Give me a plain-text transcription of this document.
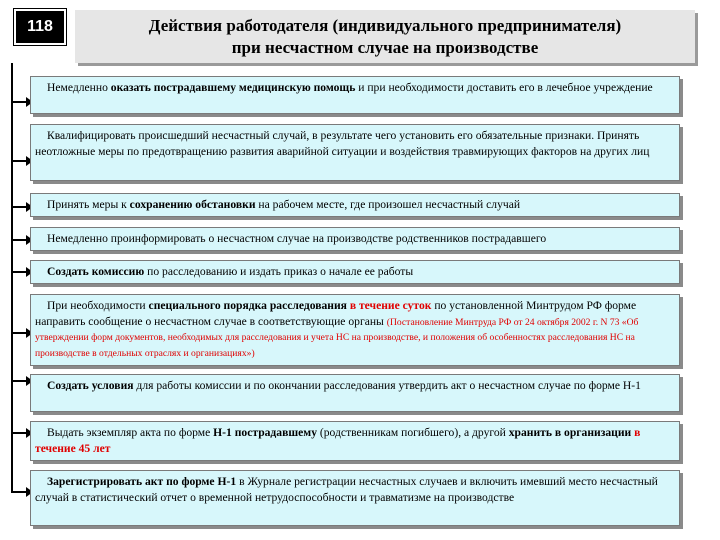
118	Действия работодателя (индивидуального предпринимателя)
при несчастном случае на производстве
Немедленно оказать пострадавшему медицинскую помощь и при необходимости доставить его в лечебное учреждение
Квалифицировать происшедший несчастный случай, в результате чего установить его обязательные признаки. Принять неотложные меры по предотвращению развития аварийной ситуации и воздействия травмирующих факторов на других лиц
Принять меры к сохранению обстановки на рабочем месте, где произошел несчастный случай
Немедленно проинформировать о несчастном случае на производстве родственников пострадавшего
Создать комиссию по расследованию и издать приказ о начале ее работы
При необходимости специального порядка расследования в течение суток по установленной Минтрудом РФ форме направить сообщение о несчастном случае в соответствующие органы (Постановление Минтруда РФ от 24 октября 2002 г. N 73 «Об утверждении форм документов, необходимых для расследования и учета НС на производстве, и положения об особенностях расследования НС на производстве в отдельных отраслях и организациях»)
Создать условия для работы комиссии и по окончании расследования утвердить акт о несчастном случае по форме Н-1
Выдать экземпляр акта по форме Н-1 пострадавшему (родственникам погибшего), а другой хранить в организации в течение 45 лет
Зарегистрировать акт по форме Н-1 в Журнале регистрации несчастных случаев и включить имевший место несчастный случай в статистический отчет о временной нетрудоспособности и травматизме на производстве
